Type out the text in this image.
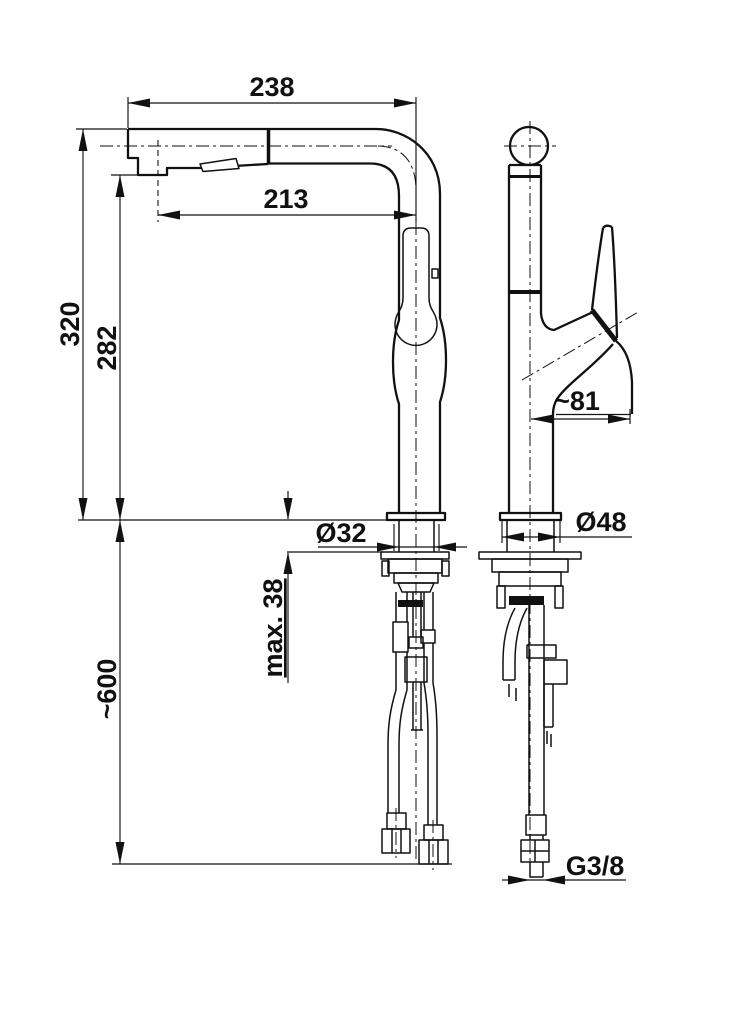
238
213
320
282
~81
Ø32	Ø48
max. 38
~600
G3/8
